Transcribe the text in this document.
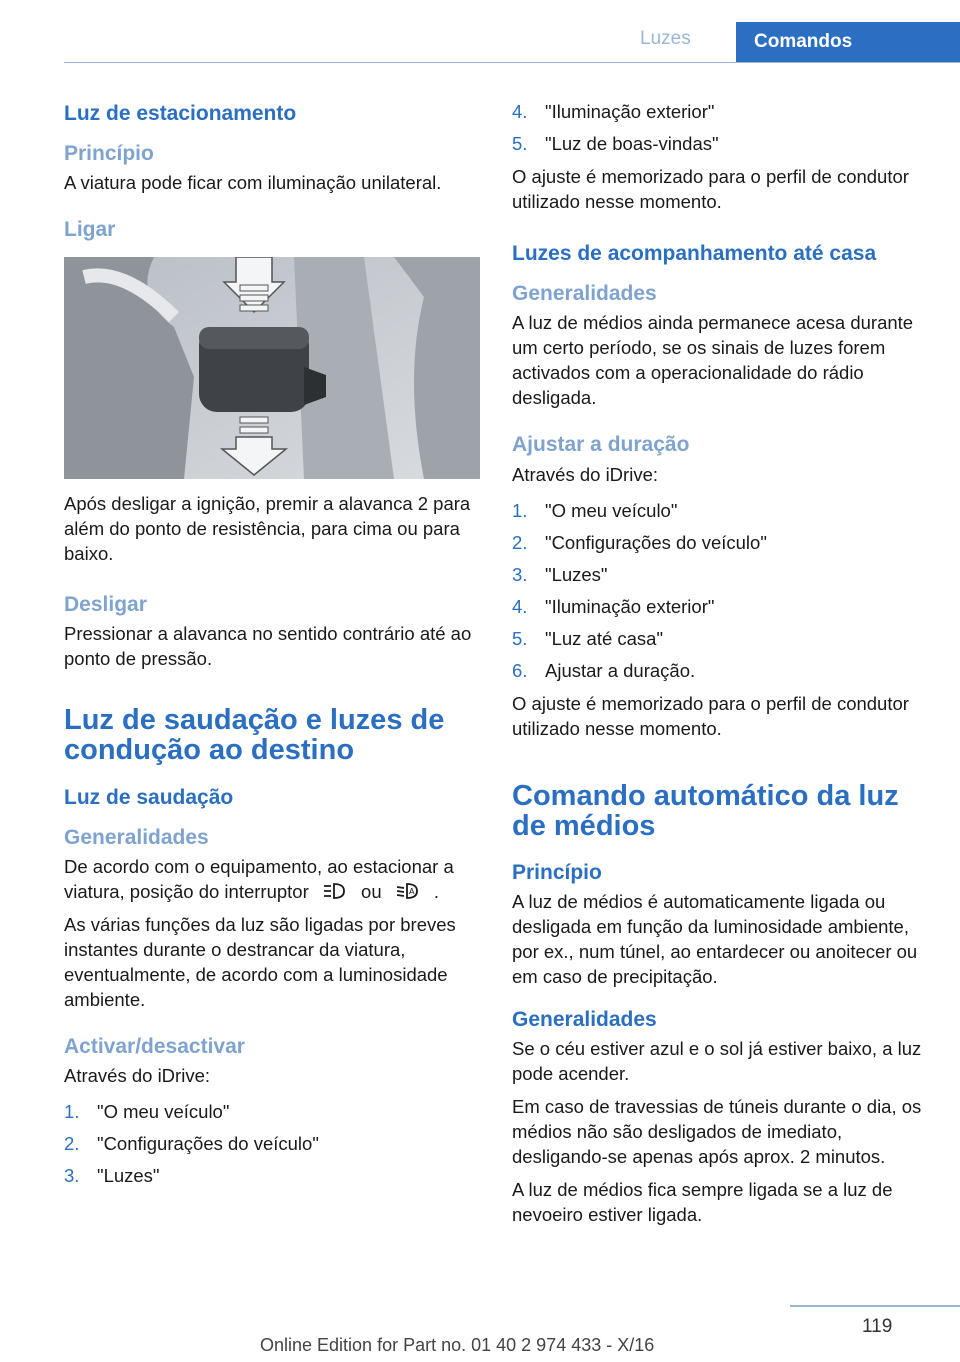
Luzes	Comandos
Luz de estacionamento
Princípio

A viatura pode ficar com iluminação unilateral.

Ligar

Após desligar a ignição, premir a alavanca 2 para além do ponto de resistência, para cima ou para baixo.

Desligar

Pressionar a alavanca no sentido contrário até ao ponto de pressão.

Luz de saudação e luzes de condução ao destino
Luz de saudação
Generalidades

De acordo com o equipamento, ao estacionar a viatura, posição do interruptor	ou	A .

As várias funções da luz são ligadas por breves instantes durante o destrancar da viatura, eventualmente, de acordo com a luminosidade ambiente.

Activar/desactivar

Através do iDrive:

1. "O meu veículo"
2. "Configurações do veículo"
3. "Luzes"
4. "Iluminação exterior"
5. "Luz de boas-vindas"

O ajuste é memorizado para o perfil de condutor utilizado nesse momento.

Luzes de acompanhamento até casa
Generalidades

A luz de médios ainda permanece acesa durante um certo período, se os sinais de luzes forem activados com a operacionalidade do rádio desligada.

Ajustar a duração

Através do iDrive:

1. "O meu veículo"
2. "Configurações do veículo"
3. "Luzes"
4. "Iluminação exterior"
5. "Luz até casa"
6. Ajustar a duração.

O ajuste é memorizado para o perfil de condutor utilizado nesse momento.

Comando automático da luz de médios
Princípio

A luz de médios é automaticamente ligada ou desligada em função da luminosidade ambiente, por ex., num túnel, ao entardecer ou anoitecer ou em caso de precipitação.

Generalidades

Se o céu estiver azul e o sol já estiver baixo, a luz pode acender.

Em caso de travessias de túneis durante o dia, os médios não são desligados de imediato, desligando-se apenas após aprox. 2 minutos.

A luz de médios fica sempre ligada se a luz de nevoeiro estiver ligada.

119
Online Edition for Part no. 01 40 2 974 433 - X/16
